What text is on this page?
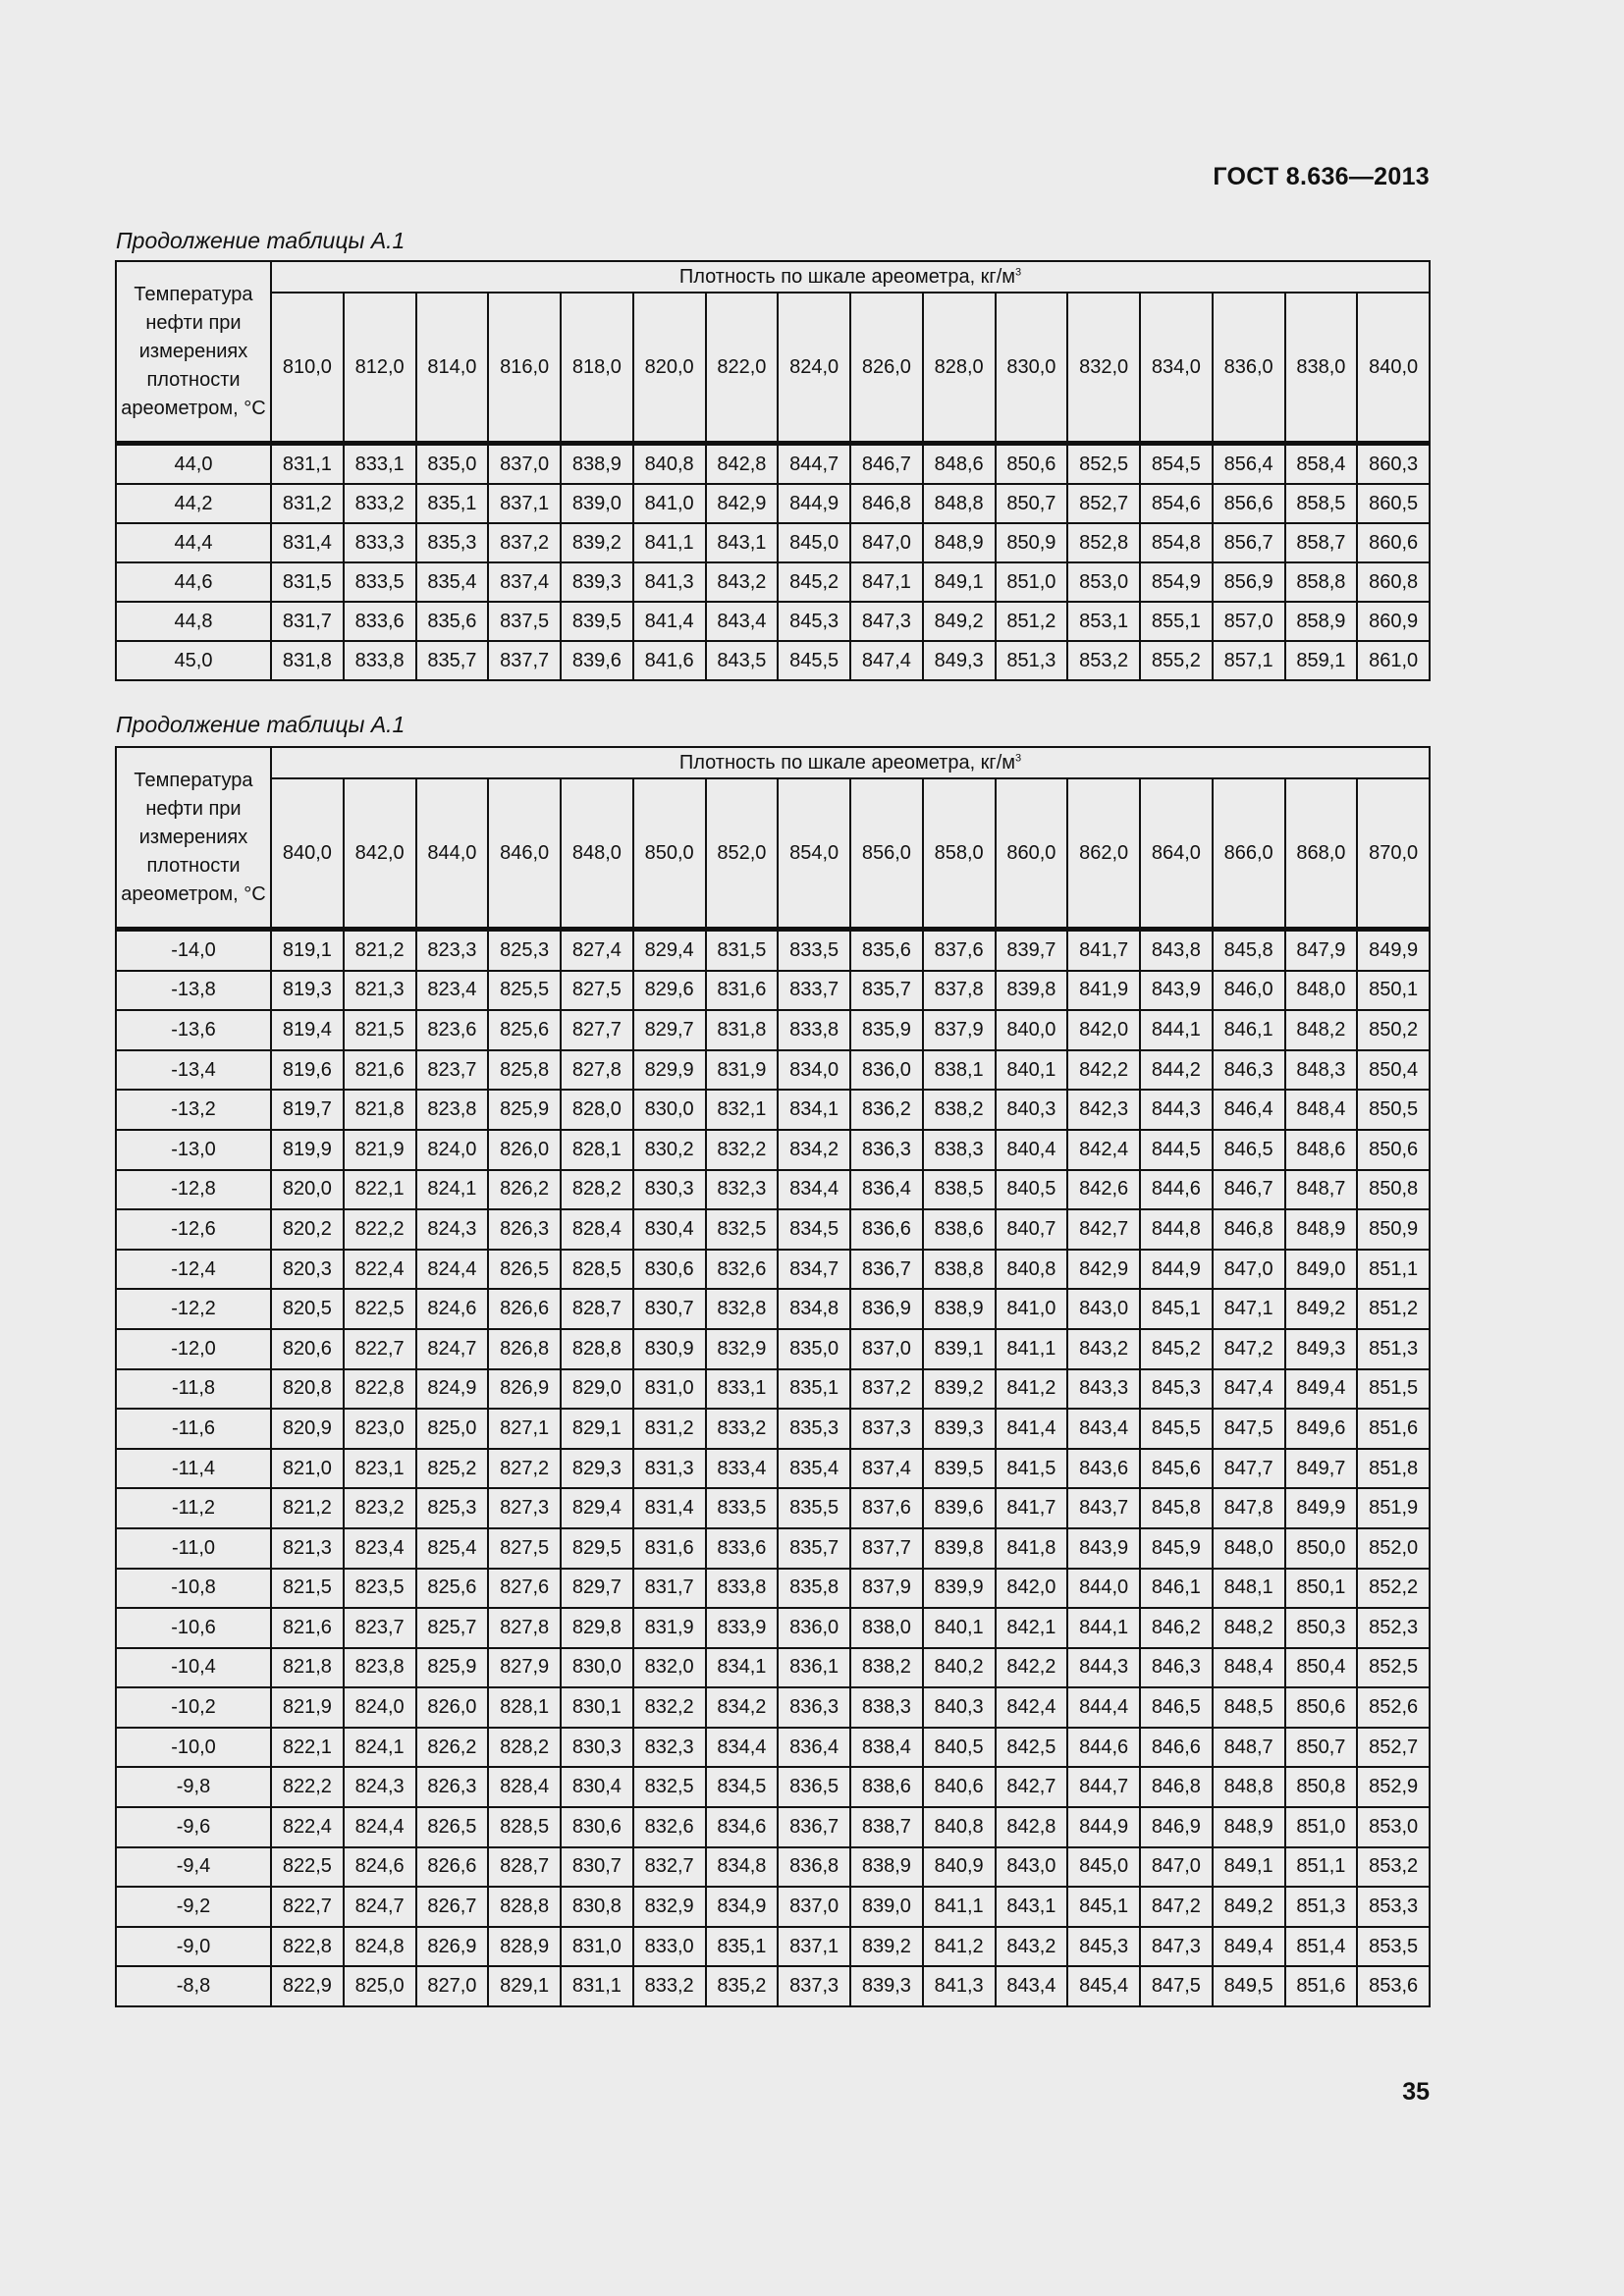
ГОСТ 8.636—2013
Продолжение таблицы А.1
Температура нефти при измерениях плотности ареометром, °С	Плотность по шкале ареометра, $кг/м^3$
	810,0	812,0	814,0	816,0	818,0	820,0	822,0	824,0	826,0	828,0	830,0	832,0	834,0	836,0	838,0	840,0
44,0	831,1	833,1	835,0	837,0	838,9	840,8	842,8	844,7	846,7	848,6	850,6	852,5	854,5	856,4	858,4	860,3
44,2	831,2	833,2	835,1	837,1	839,0	841,0	842,9	844,9	846,8	848,8	850,7	852,7	854,6	856,6	858,5	860,5
44,4	831,4	833,3	835,3	837,2	839,2	841,1	843,1	845,0	847,0	848,9	850,9	852,8	854,8	856,7	858,7	860,6
44,6	831,5	833,5	835,4	837,4	839,3	841,3	843,2	845,2	847,1	849,1	851,0	853,0	854,9	856,9	858,8	860,8
44,8	831,7	833,6	835,6	837,5	839,5	841,4	843,4	845,3	847,3	849,2	851,2	853,1	855,1	857,0	858,9	860,9
45,0	831,8	833,8	835,7	837,7	839,6	841,6	843,5	845,5	847,4	849,3	851,3	853,2	855,2	857,1	859,1	861,0
Продолжение таблицы А.1
Температура нефти при измерениях плотности ареометром, °С	Плотность по шкале ареометра, $кг/м^3$
	840,0	842,0	844,0	846,0	848,0	850,0	852,0	854,0	856,0	858,0	860,0	862,0	864,0	866,0	868,0	870,0
-14,0	819,1	821,2	823,3	825,3	827,4	829,4	831,5	833,5	835,6	837,6	839,7	841,7	843,8	845,8	847,9	849,9
-13,8	819,3	821,3	823,4	825,5	827,5	829,6	831,6	833,7	835,7	837,8	839,8	841,9	843,9	846,0	848,0	850,1
-13,6	819,4	821,5	823,6	825,6	827,7	829,7	831,8	833,8	835,9	837,9	840,0	842,0	844,1	846,1	848,2	850,2
-13,4	819,6	821,6	823,7	825,8	827,8	829,9	831,9	834,0	836,0	838,1	840,1	842,2	844,2	846,3	848,3	850,4
-13,2	819,7	821,8	823,8	825,9	828,0	830,0	832,1	834,1	836,2	838,2	840,3	842,3	844,3	846,4	848,4	850,5
-13,0	819,9	821,9	824,0	826,0	828,1	830,2	832,2	834,2	836,3	838,3	840,4	842,4	844,5	846,5	848,6	850,6
-12,8	820,0	822,1	824,1	826,2	828,2	830,3	832,3	834,4	836,4	838,5	840,5	842,6	844,6	846,7	848,7	850,8
-12,6	820,2	822,2	824,3	826,3	828,4	830,4	832,5	834,5	836,6	838,6	840,7	842,7	844,8	846,8	848,9	850,9
-12,4	820,3	822,4	824,4	826,5	828,5	830,6	832,6	834,7	836,7	838,8	840,8	842,9	844,9	847,0	849,0	851,1
-12,2	820,5	822,5	824,6	826,6	828,7	830,7	832,8	834,8	836,9	838,9	841,0	843,0	845,1	847,1	849,2	851,2
-12,0	820,6	822,7	824,7	826,8	828,8	830,9	832,9	835,0	837,0	839,1	841,1	843,2	845,2	847,2	849,3	851,3
-11,8	820,8	822,8	824,9	826,9	829,0	831,0	833,1	835,1	837,2	839,2	841,2	843,3	845,3	847,4	849,4	851,5
-11,6	820,9	823,0	825,0	827,1	829,1	831,2	833,2	835,3	837,3	839,3	841,4	843,4	845,5	847,5	849,6	851,6
-11,4	821,0	823,1	825,2	827,2	829,3	831,3	833,4	835,4	837,4	839,5	841,5	843,6	845,6	847,7	849,7	851,8
-11,2	821,2	823,2	825,3	827,3	829,4	831,4	833,5	835,5	837,6	839,6	841,7	843,7	845,8	847,8	849,9	851,9
-11,0	821,3	823,4	825,4	827,5	829,5	831,6	833,6	835,7	837,7	839,8	841,8	843,9	845,9	848,0	850,0	852,0
-10,8	821,5	823,5	825,6	827,6	829,7	831,7	833,8	835,8	837,9	839,9	842,0	844,0	846,1	848,1	850,1	852,2
-10,6	821,6	823,7	825,7	827,8	829,8	831,9	833,9	836,0	838,0	840,1	842,1	844,1	846,2	848,2	850,3	852,3
-10,4	821,8	823,8	825,9	827,9	830,0	832,0	834,1	836,1	838,2	840,2	842,2	844,3	846,3	848,4	850,4	852,5
-10,2	821,9	824,0	826,0	828,1	830,1	832,2	834,2	836,3	838,3	840,3	842,4	844,4	846,5	848,5	850,6	852,6
-10,0	822,1	824,1	826,2	828,2	830,3	832,3	834,4	836,4	838,4	840,5	842,5	844,6	846,6	848,7	850,7	852,7
-9,8	822,2	824,3	826,3	828,4	830,4	832,5	834,5	836,5	838,6	840,6	842,7	844,7	846,8	848,8	850,8	852,9
-9,6	822,4	824,4	826,5	828,5	830,6	832,6	834,6	836,7	838,7	840,8	842,8	844,9	846,9	848,9	851,0	853,0
-9,4	822,5	824,6	826,6	828,7	830,7	832,7	834,8	836,8	838,9	840,9	843,0	845,0	847,0	849,1	851,1	853,2
-9,2	822,7	824,7	826,7	828,8	830,8	832,9	834,9	837,0	839,0	841,1	843,1	845,1	847,2	849,2	851,3	853,3
-9,0	822,8	824,8	826,9	828,9	831,0	833,0	835,1	837,1	839,2	841,2	843,2	845,3	847,3	849,4	851,4	853,5
-8,8	822,9	825,0	827,0	829,1	831,1	833,2	835,2	837,3	839,3	841,3	843,4	845,4	847,5	849,5	851,6	853,6
35
